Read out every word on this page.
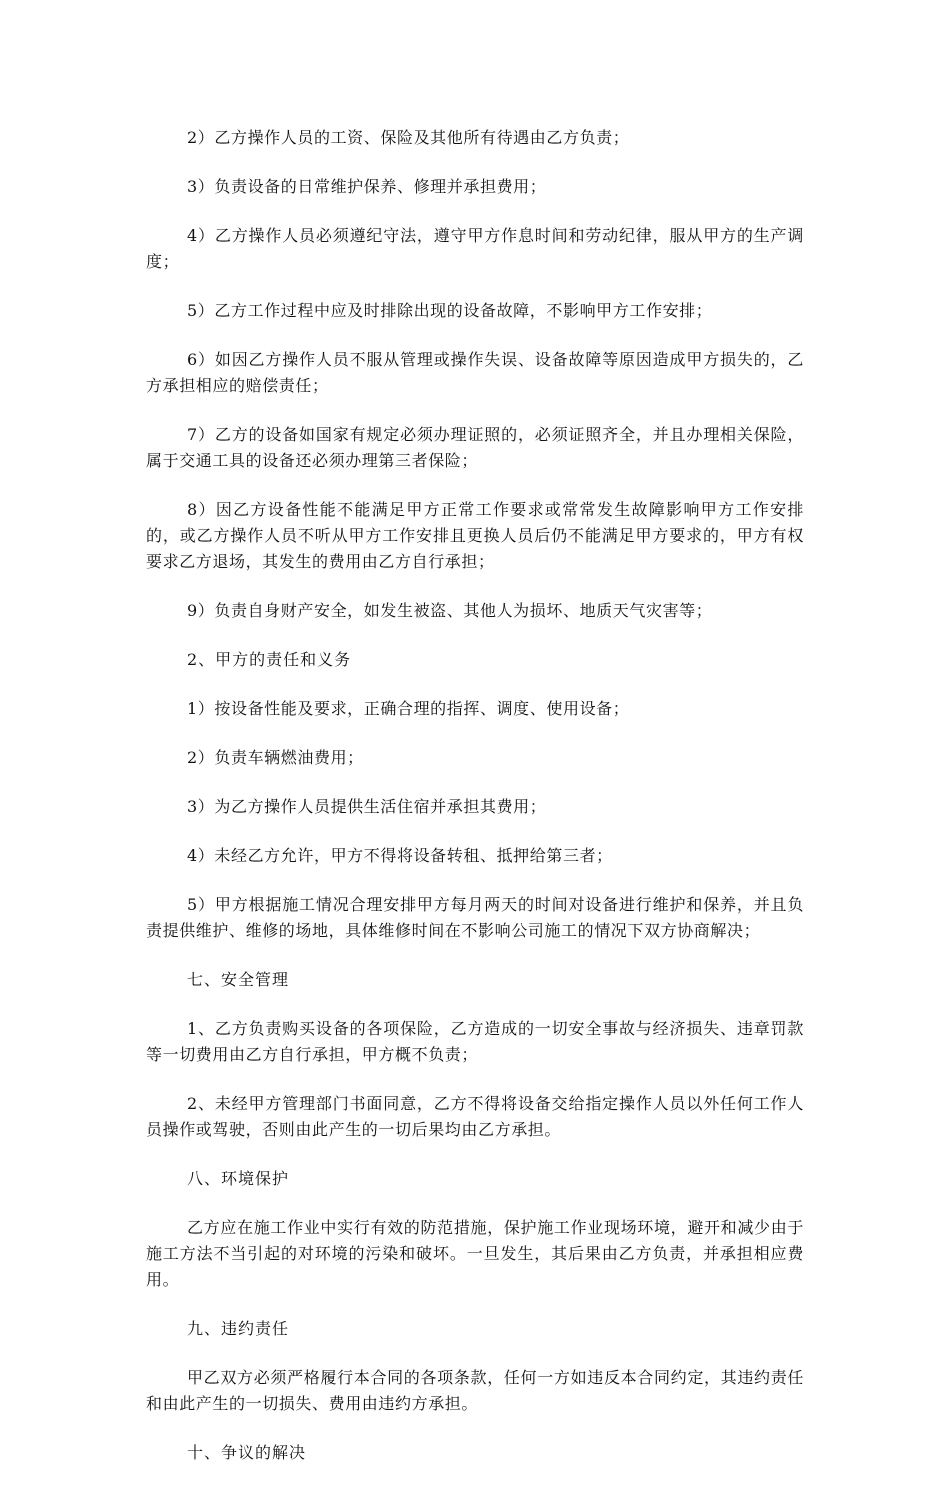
2）乙方操作人员的工资、保险及其他所有待遇由乙方负责；

3）负责设备的日常维护保养、修理并承担费用；

4）乙方操作人员必须遵纪守法，遵守甲方作息时间和劳动纪律，服从甲方的生产调度；

5）乙方工作过程中应及时排除出现的设备故障，不影响甲方工作安排；

6）如因乙方操作人员不服从管理或操作失误、设备故障等原因造成甲方损失的，乙方承担相应的赔偿责任；

7）乙方的设备如国家有规定必须办理证照的，必须证照齐全，并且办理相关保险，属于交通工具的设备还必须办理第三者保险；

8）因乙方设备性能不能满足甲方正常工作要求或常常发生故障影响甲方工作安排的，或乙方操作人员不听从甲方工作安排且更换人员后仍不能满足甲方要求的，甲方有权要求乙方退场，其发生的费用由乙方自行承担；

9）负责自身财产安全，如发生被盗、其他人为损坏、地质天气灾害等；

2、甲方的责任和义务

1）按设备性能及要求，正确合理的指挥、调度、使用设备；

2）负责车辆燃油费用；

3）为乙方操作人员提供生活住宿并承担其费用；

4）未经乙方允许，甲方不得将设备转租、抵押给第三者；

5）甲方根据施工情况合理安排甲方每月两天的时间对设备进行维护和保养，并且负责提供维护、维修的场地，具体维修时间在不影响公司施工的情况下双方协商解决；

七、安全管理

1、乙方负责购买设备的各项保险，乙方造成的一切安全事故与经济损失、违章罚款等一切费用由乙方自行承担，甲方概不负责；

2、未经甲方管理部门书面同意，乙方不得将设备交给指定操作人员以外任何工作人员操作或驾驶，否则由此产生的一切后果均由乙方承担。

八、环境保护

乙方应在施工作业中实行有效的防范措施，保护施工作业现场环境，避开和减少由于施工方法不当引起的对环境的污染和破坏。一旦发生，其后果由乙方负责，并承担相应费用。

九、违约责任

甲乙双方必须严格履行本合同的各项条款，任何一方如违反本合同约定，其违约责任和由此产生的一切损失、费用由违约方承担。

十、争议的解决
